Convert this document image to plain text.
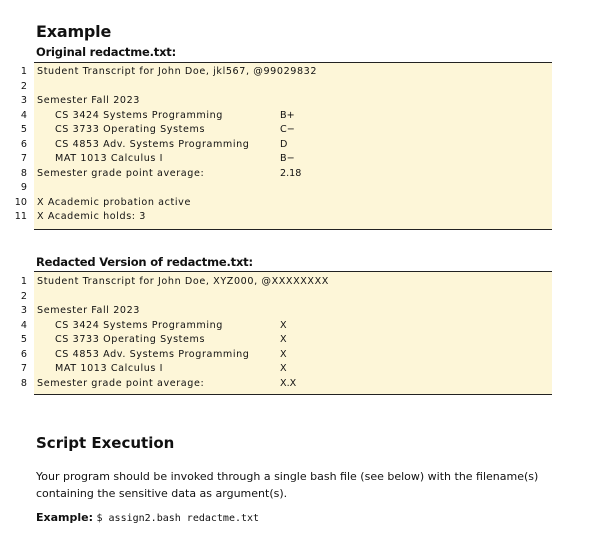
Example
Original redactme.txt:
1 Student Transcript for John Doe, jkl567, @99029832
2
3 Semester Fall 2023
4	CS 3424 Systems Programming	B+
5	CS 3733 Operating Systems	C−
6	CS 4853 Adv. Systems Programming	D
7	MAT 1013 Calculus I	B−
8 Semester grade point average:	2.18
9
10 X Academic probation active
11 X Academic holds: 3
Redacted Version of redactme.txt:
1 Student Transcript for John Doe, XYZ000, @XXXXXXXX
2
3 Semester Fall 2023
4	CS 3424 Systems Programming	X
5	CS 3733 Operating Systems	X
6	CS 4853 Adv. Systems Programming	X
7	MAT 1013 Calculus I	X
8 Semester grade point average:	X.X
Script Execution
Your program should be invoked through a single bash file (see below) with the filename(s) containing the sensitive data as argument(s).
Example: $ assign2.bash redactme.txt
